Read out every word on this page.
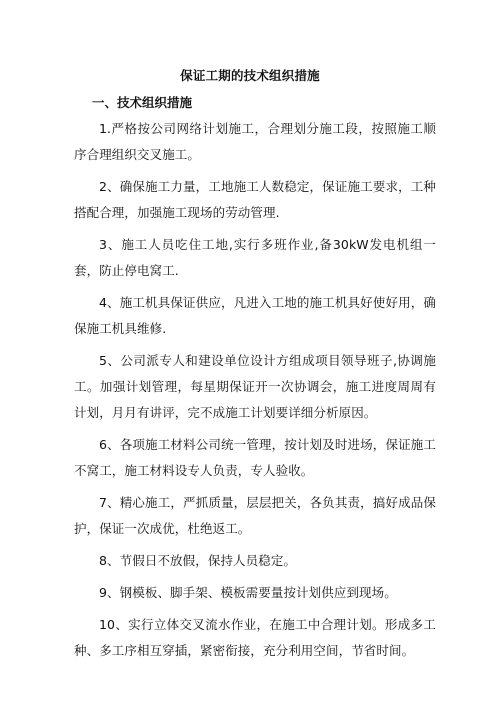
保证工期的技术组织措施
一、技术组织措施

1.严格按公司网络计划施工，合理划分施工段，按照施工顺序合理组织交叉施工。

2、确保施工力量，工地施工人数稳定，保证施工要求，工种搭配合理，加强施工现场的劳动管理.

3、施工人员吃住工地,实行多班作业,备30kW发电机组一套，防止停电窝工.

4、施工机具保证供应，凡进入工地的施工机具好使好用，确保施工机具维修.

5、公司派专人和建设单位设计方组成项目领导班子,协调施工。加强计划管理，每星期保证开一次协调会，施工进度周周有计划，月月有讲评，完不成施工计划要详细分析原因。

6、各项施工材料公司统一管理，按计划及时进场，保证施工不窝工，施工材料设专人负责，专人验收。

7、精心施工，严抓质量，层层把关，各负其责，搞好成品保护，保证一次成优，杜绝返工。

8、节假日不放假，保持人员稳定。

9、钢模板、脚手架、模板需要量按计划供应到现场。

10、实行立体交叉流水作业，在施工中合理计划。形成多工种、多工序相互穿插，紧密衔接，充分利用空间，节省时间。
